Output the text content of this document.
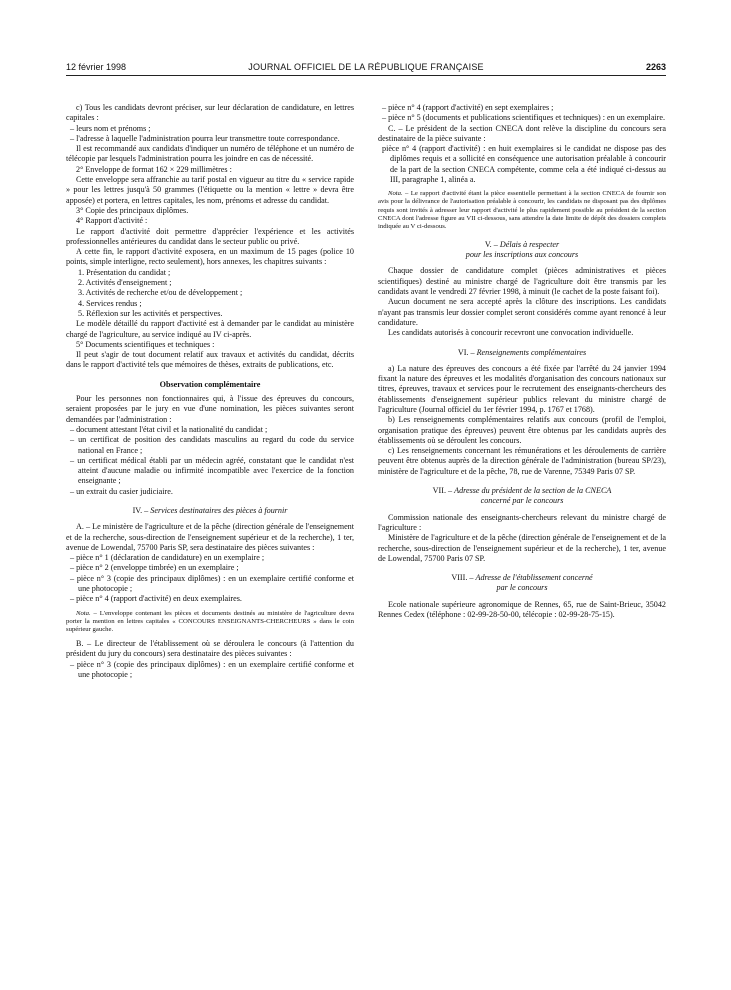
12 février 1998	JOURNAL OFFICIEL DE LA RÉPUBLIQUE FRANÇAISE	2263

c) Tous les candidats devront préciser, sur leur déclaration de candidature, en lettres capitales :

– leurs nom et prénoms ;

– l'adresse à laquelle l'administration pourra leur transmettre toute correspondance.

Il est recommandé aux candidats d'indiquer un numéro de téléphone et un numéro de télécopie par lesquels l'administration pourra les joindre en cas de nécessité.

2° Enveloppe de format 162 × 229 millimètres :

Cette enveloppe sera affranchie au tarif postal en vigueur au titre du « service rapide » pour les lettres jusqu'à 50 grammes (l'étiquette ou la mention « lettre » devra être apposée) et portera, en lettres capitales, les nom, prénoms et adresse du candidat.

3° Copie des principaux diplômes.

4° Rapport d'activité :

Le rapport d'activité doit permettre d'apprécier l'expérience et les activités professionnelles antérieures du candidat dans le secteur public ou privé.

A cette fin, le rapport d'activité exposera, en un maximum de 15 pages (police 10 points, simple interligne, recto seulement), hors annexes, les chapitres suivants :

1. Présentation du candidat ;

2. Activités d'enseignement ;

3. Activités de recherche et/ou de développement ;

4. Services rendus ;

5. Réflexion sur les activités et perspectives.

Le modèle détaillé du rapport d'activité est à demander par le candidat au ministère chargé de l'agriculture, au service indiqué au IV ci-après.

5° Documents scientifiques et techniques :

Il peut s'agir de tout document relatif aux travaux et activités du candidat, décrits dans le rapport d'activité tels que mémoires de thèses, extraits de publications, etc.

Observation complémentaire

Pour les personnes non fonctionnaires qui, à l'issue des épreuves du concours, seraient proposées par le jury en vue d'une nomination, les pièces suivantes seront demandées par l'administration :

– document attestant l'état civil et la nationalité du candidat ;

– un certificat de position des candidats masculins au regard du code du service national en France ;

– un certificat médical établi par un médecin agréé, constatant que le candidat n'est atteint d'aucune maladie ou infirmité incompatible avec l'exercice de la fonction enseignante ;

– un extrait du casier judiciaire.

IV. – Services destinataires des pièces à fournir

A. – Le ministère de l'agriculture et de la pêche (direction générale de l'enseignement et de la recherche, sous-direction de l'enseignement supérieur et de la recherche), 1 ter, avenue de Lowendal, 75700 Paris SP, sera destinataire des pièces suivantes :

– pièce n° 1 (déclaration de candidature) en un exemplaire ;

– pièce n° 2 (enveloppe timbrée) en un exemplaire ;

– pièce n° 3 (copie des principaux diplômes) : en un exemplaire certifié conforme et une photocopie ;

– pièce n° 4 (rapport d'activité) en deux exemplaires.

Nota. – L'enveloppe contenant les pièces et documents destinés au ministère de l'agriculture devra porter la mention en lettres capitales « CONCOURS ENSEIGNANTS-CHERCHEURS » dans le coin supérieur gauche.

B. – Le directeur de l'établissement où se déroulera le concours (à l'attention du président du jury du concours) sera destinataire des pièces suivantes :

– pièce n° 3 (copie des principaux diplômes) : en un exemplaire certifié conforme et une photocopie ;

– pièce n° 4 (rapport d'activité) en sept exemplaires ;

– pièce n° 5 (documents et publications scientifiques et techniques) : en un exemplaire.

C. – Le président de la section CNECA dont relève la discipline du concours sera destinataire de la pièce suivante :

pièce n° 4 (rapport d'activité) : en huit exemplaires si le candidat ne dispose pas des diplômes requis et a sollicité en conséquence une autorisation préalable à concourir de la part de la section CNECA compétente, comme cela a été indiqué ci-dessus au III, paragraphe 1, alinéa a.

Nota. – Le rapport d'activité étant la pièce essentielle permettant à la section CNECA de fournir son avis pour la délivrance de l'autorisation préalable à concourir, les candidats ne disposant pas des diplômes requis sont invités à adresser leur rapport d'activité le plus rapidement possible au président de la section CNECA dont l'adresse figure au VII ci-dessous, sans attendre la date limite de dépôt des dossiers complets indiquée au V ci-dessous.

V. – Délais à respecter
pour les inscriptions aux concours

Chaque dossier de candidature complet (pièces administratives et pièces scientifiques) destiné au ministre chargé de l'agriculture doit être transmis par les candidats avant le vendredi 27 février 1998, à minuit (le cachet de la poste faisant foi).

Aucun document ne sera accepté après la clôture des inscriptions. Les candidats n'ayant pas transmis leur dossier complet seront considérés comme ayant renoncé à leur candidature.

Les candidats autorisés à concourir recevront une convocation individuelle.

VI. – Renseignements complémentaires

a) La nature des épreuves des concours a été fixée par l'arrêté du 24 janvier 1994 fixant la nature des épreuves et les modalités d'organisation des concours nationaux sur titres, épreuves, travaux et services pour le recrutement des enseignants-chercheurs des établissements d'enseignement supérieur publics relevant du ministre chargé de l'agriculture (Journal officiel du 1er février 1994, p. 1767 et 1768).

b) Les renseignements complémentaires relatifs aux concours (profil de l'emploi, organisation pratique des épreuves) peuvent être obtenus par les candidats auprès des établissements où se déroulent les concours.

c) Les renseignements concernant les rémunérations et les déroulements de carrière peuvent être obtenus auprès de la direction générale de l'administration (bureau SP/23), ministère de l'agriculture et de la pêche, 78, rue de Varenne, 75349 Paris 07 SP.

VII. – Adresse du président de la section de la CNECA
concerné par le concours

Commission nationale des enseignants-chercheurs relevant du ministre chargé de l'agriculture :

Ministère de l'agriculture et de la pêche (direction générale de l'enseignement et de la recherche, sous-direction de l'enseignement supérieur et de la recherche), 1 ter, avenue de Lowendal, 75700 Paris 07 SP.

VIII. – Adresse de l'établissement concerné
par le concours

Ecole nationale supérieure agronomique de Rennes, 65, rue de Saint-Brieuc, 35042 Rennes Cedex (téléphone : 02-99-28-50-00, télécopie : 02-99-28-75-15).
